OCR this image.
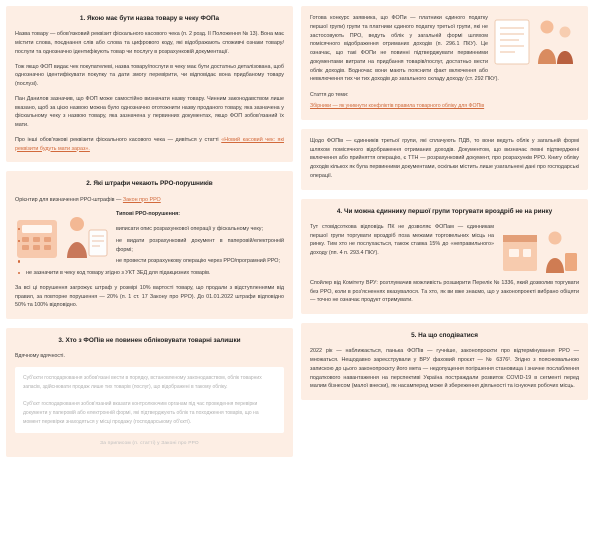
1. Якою має бути назва товару в чеку ФОПа

Назва товару — обов'язковий реквізит фіскального касового чека (п. 2 розд. II Положення № 13). Вона має містити слова, поєднання слів або слова та цифрового коду, які відображають споживчі ознаки товару/послуги та однозначно ідентифікують товар чи послугу в розрахунковій документації.

Тож якщо ФОП видає чек покупателеві, назва товару/послуги в чеку має бути достатньо деталізована, щоб однозначно ідентифікувати покупку та дати змогу перевірити, чи відповідає вона придбаному товару (послузі).

Пан Данилов зазначив, що ФОП може самостійно визначати назву товару. Чинним законодавством лише вказано, щоб за цією назвою можна було однозначно ототожнити назву проданого товару, яка зазначена у фіскальному чеку з назвою товару, яка зазначена у первинних документах, якщо ФОП зобов'язаний їх мати.

Про інші обов'язкові реквізити фіскального касового чека — дивіться у статті «Новий касовий чек: які реквізити будуть мати зараз».

2. Які штрафи чекають РРО-порушників

Орієнтир для визначення РРО-штрафів — Закон про РРО

Типові РРО-порушення:

виписати опис розрахункової операції у фіскальному чеку;
не видати розрахунковий документ в паперовій/електронній формі;
не провести розрахункову операцію через РРО/програмний РРО;
не зазначити в чеку код товару згідно з УКТ ЗЕД для підакцизних товарів.

За всі ці порушення загрожує штраф у розмірі 10% вартості товару, що продали з відступленнями від правил, за повторне порушення — 20% (п. 1 ст. 17 Закону про РРО). До 01.01.2022 штрафи відповідно 50% та 100% відповідно.

3. Хто з ФОПів не повинен обліковувати товарні залишки

Вдячному вдячності.

Суб'єкти господарювання зобов'язані вести в порядку, встановленому законодавством, облік товарних запасів, здійснювати продаж лише тих товарів (послуг), що відображені в такому обліку.

Суб'єкт господарювання зобов'язаний вказати контролюючим органам під час проведення перевірки документи у паперовій або електронній формі, які підтверджують облік та походження товарів, що на момент перевірки знаходяться у місці продажу (господарському об'єкті).
За приписом (п. статті) у Законі про РРО

Готова конкурс заявника, що ФОПи — платники єдиного податку першої групи) групи та платники єдиного податку третьої групи, які не застосовують ПРО, ведуть облік у загальній формі шляхом помісячного відображення отриманих доходів (п. 296.1 ПКУ). Це означає, що такі ФОПи не повинні підтверджувати первинними документами витрати на придбання товарів/послуг, достатньо вести облік доходів. Водночас вони мають пояснити факт включення або невключення тих чи тих доходів до загального складу доходу (ст. 292 ПКУ).

Стаття до теми:
Збірники — як уникнути конфліктів правила товарного обліку для ФОПів

Щодо ФОПів — єдинників третьої групи, які сплачують ПДВ, то вони ведуть облік у загальній формі шляхом помісячного відображення отриманих доходів. Документом, що визначає певні підтверджені включення або прийняття операцію, є ТТН — розрахунковий документ, про розрахунків РРО. Книгу обліку доходів кількох як була первинними документами, оскільки містить лише узагальнені дані про господарські операції.

4. Чи можна єдиннику першої групи торгувати вроздріб не на ринку

Тут стовідсоткова відповідь ПК не дозволяє ФОПам — єдинникам першої групи торгувати вроздріб поза межами торговельних місць на ринку. Тим хто не послухається, також ставка 15% до «неправильного» доходу (пп. 4 п. 293.4 ПКУ).

Спойлер від Комітету ВРУ: розтлумачив можливість розширити Перелік № 1336, який дозволив торгувати без РРО, коли в роз'ясненнях вказувалося. Та хто, як ви вже знаємо, що у законопроекті вибрано обіцяти — точно не означає продукт отримувати.

5. На що сподіватися

2022 рік — наближається, панька ФОПів — гучніше, законопроєкти про відтермінування РРО — множаться. Нещодавно зареєстрували у ВРУ фаховий проєкт — № 6376². Згідно з пояснювальною запискою до цього законопроєкту його мета — недопущення погіршення становища і значне послаблення податкового навантаження на перспективі Україна постраждали розвиток COVID-19 в сегменті перед малим бізнесом (малої внески), як насамперед може й збереження діяльності та існуючих робочих місць.
